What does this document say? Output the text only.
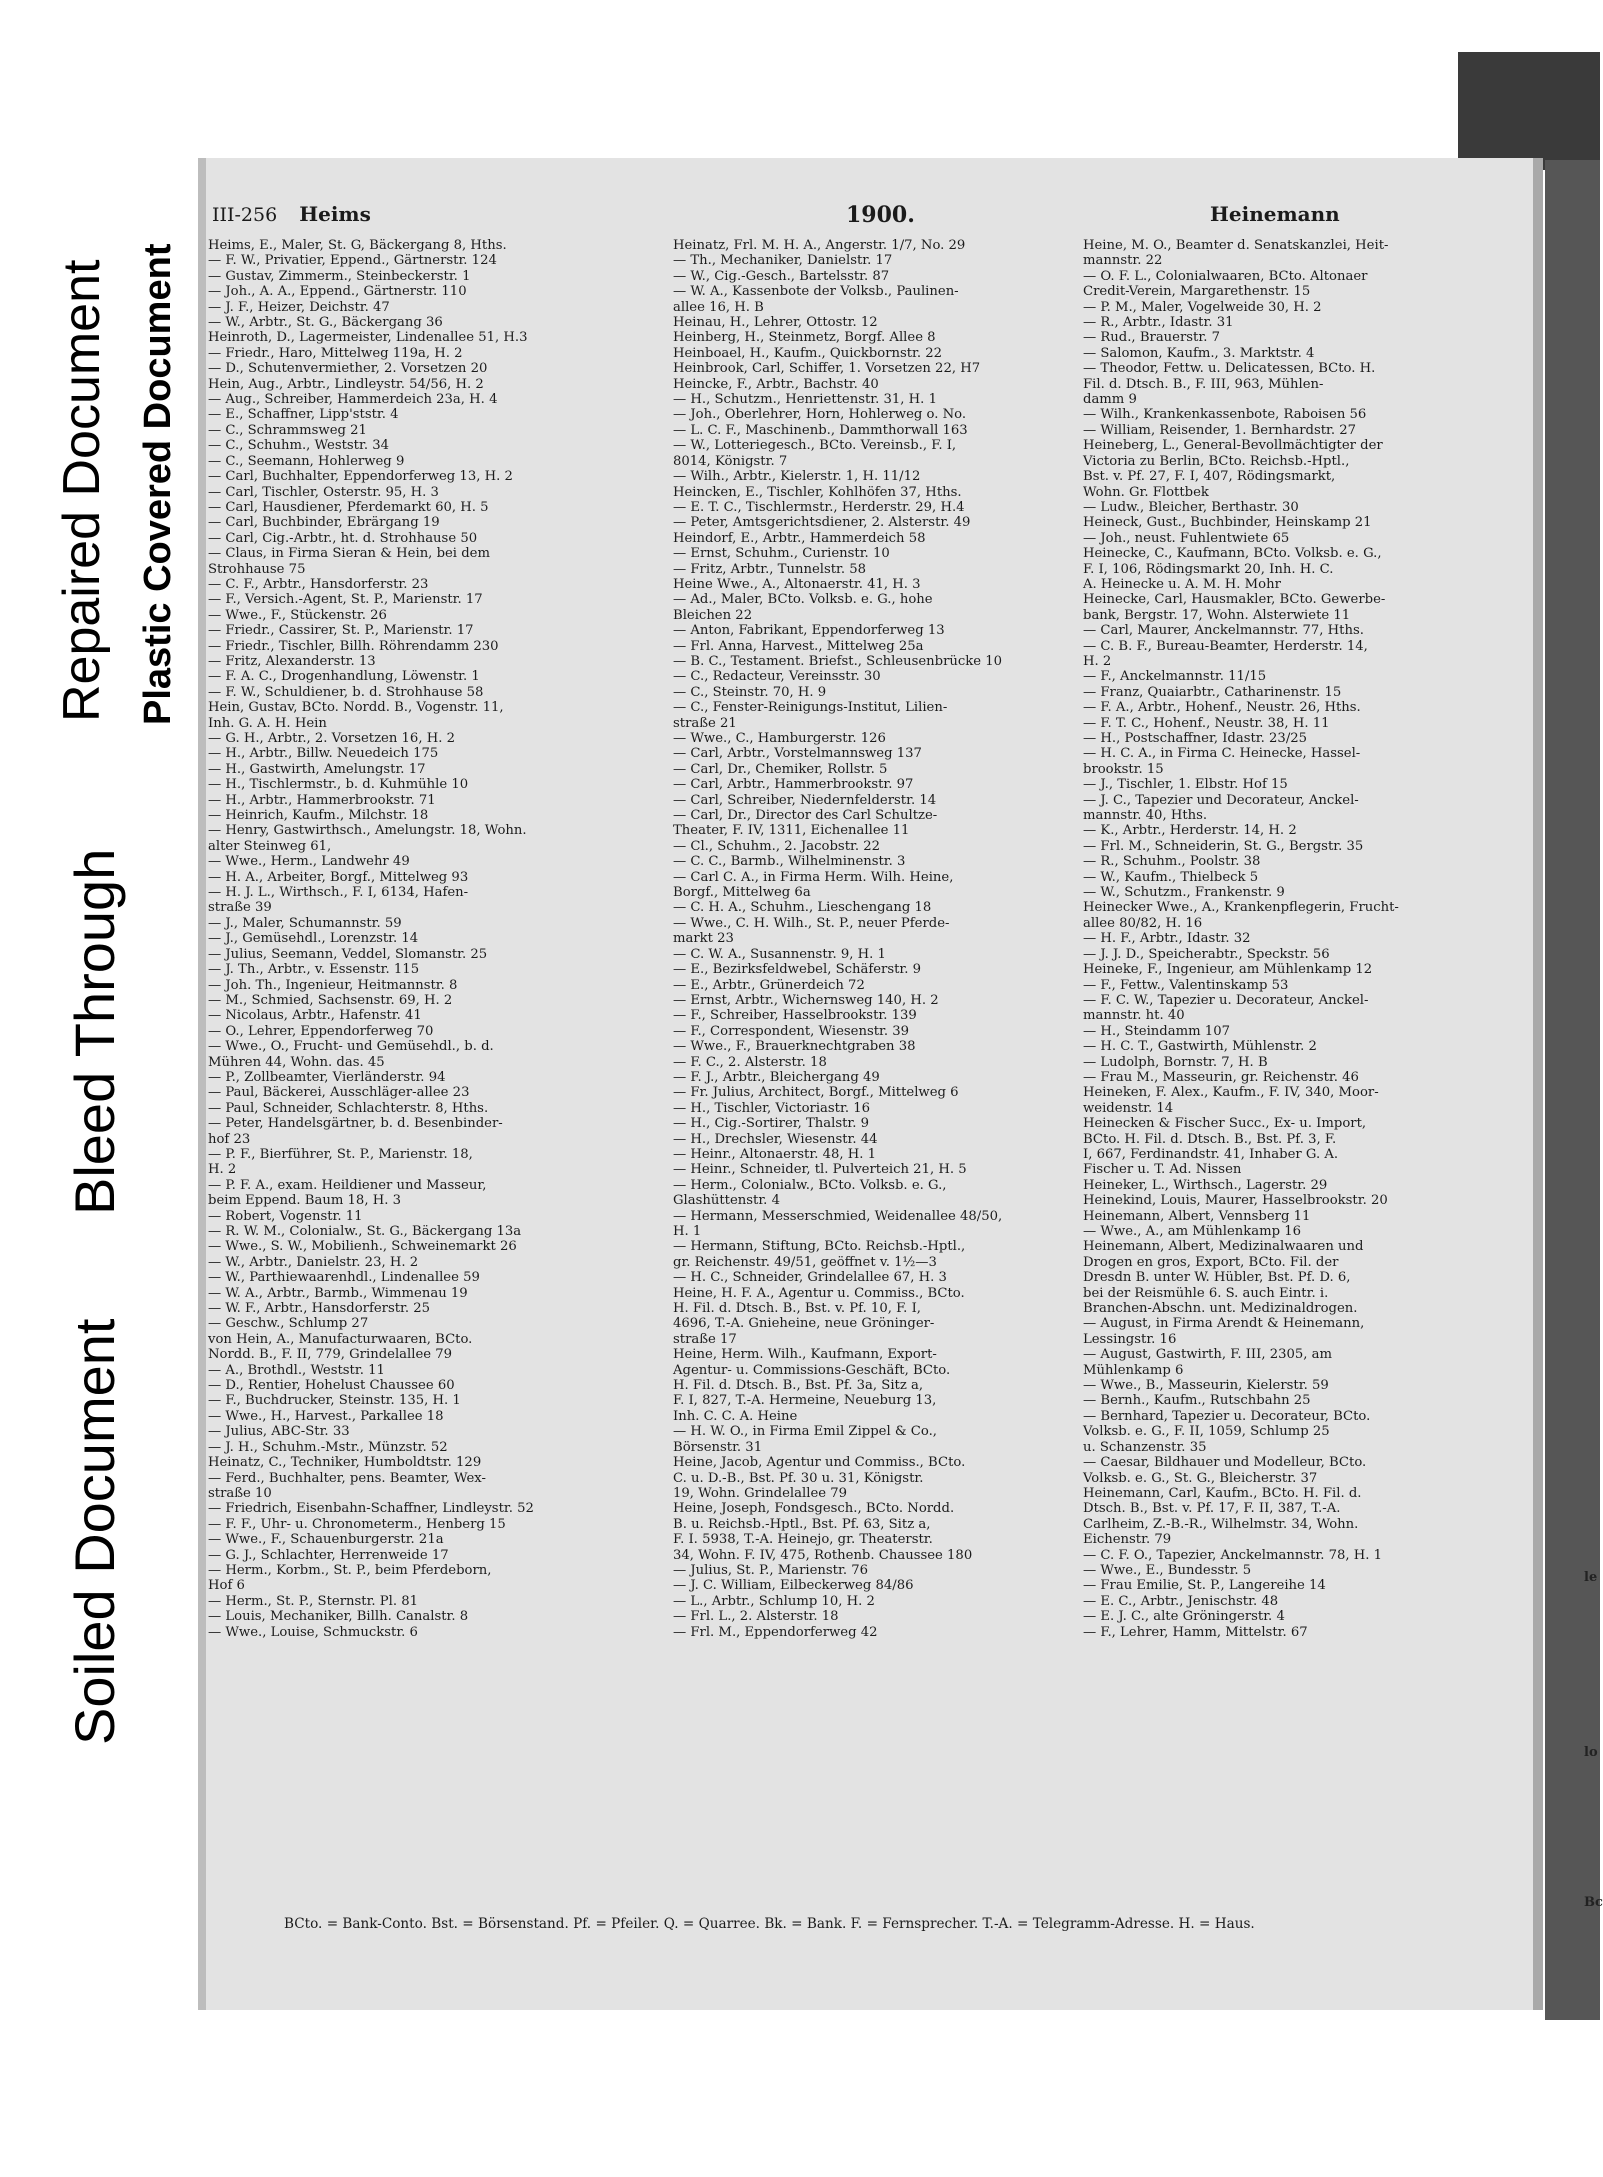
le
lo
Bc
Soiled Document
Bleed Through
Repaired Document Plastic Covered Document
III-256 Heims	1900.	Heinemann
Heims, E., Maler, St. G, Bäckergang 8, Hths.
— F. W., Privatier, Eppend., Gärtnerstr. 124
— Gustav, Zimmerm., Steinbeckerstr. 1
— Joh., A. A., Eppend., Gärtnerstr. 110
— J. F., Heizer, Deichstr. 47
— W., Arbtr., St. G., Bäckergang 36
Heinroth, D., Lagermeister, Lindenallee 51, H.3
— Friedr., Haro, Mittelweg 119a, H. 2
— D., Schutenvermiether, 2. Vorsetzen 20
Hein, Aug., Arbtr., Lindleystr. 54/56, H. 2
— Aug., Schreiber, Hammerdeich 23a, H. 4
— E., Schaffner, Lipp'ststr. 4
— C., Schrammsweg 21
— C., Schuhm., Weststr. 34
— C., Seemann, Hohlerweg 9
— Carl, Buchhalter, Eppendorferweg 13, H. 2
— Carl, Tischler, Osterstr. 95, H. 3
— Carl, Hausdiener, Pferdemarkt 60, H. 5
— Carl, Buchbinder, Ebrärgang 19
— Carl, Cig.-Arbtr., ht. d. Strohhause 50
— Claus, in Firma Sieran & Hein, bei dem
Strohhause 75
— C. F., Arbtr., Hansdorferstr. 23
— F., Versich.-Agent, St. P., Marienstr. 17
— Wwe., F., Stückenstr. 26
— Friedr., Cassirer, St. P., Marienstr. 17
— Friedr., Tischler, Billh. Röhrendamm 230
— Fritz, Alexanderstr. 13
— F. A. C., Drogenhandlung, Löwenstr. 1
— F. W., Schuldiener, b. d. Strohhause 58
Hein, Gustav, BCto. Nordd. B., Vogenstr. 11,
Inh. G. A. H. Hein
— G. H., Arbtr., 2. Vorsetzen 16, H. 2
— H., Arbtr., Billw. Neuedeich 175
— H., Gastwirth, Amelungstr. 17
— H., Tischlermstr., b. d. Kuhmühle 10
— H., Arbtr., Hammerbrookstr. 71
— Heinrich, Kaufm., Milchstr. 18
— Henry, Gastwirthsch., Amelungstr. 18, Wohn.
alter Steinweg 61,
— Wwe., Herm., Landwehr 49
— H. A., Arbeiter, Borgf., Mittelweg 93
— H. J. L., Wirthsch., F. I, 6134, Hafen-
straße 39
— J., Maler, Schumannstr. 59
— J., Gemüsehdl., Lorenzstr. 14
— Julius, Seemann, Veddel, Slomanstr. 25
— J. Th., Arbtr., v. Essenstr. 115
— Joh. Th., Ingenieur, Heitmannstr. 8
— M., Schmied, Sachsenstr. 69, H. 2
— Nicolaus, Arbtr., Hafenstr. 41
— O., Lehrer, Eppendorferweg 70
— Wwe., O., Frucht- und Gemüsehdl., b. d.
Mühren 44, Wohn. das. 45
— P., Zollbeamter, Vierländerstr. 94
— Paul, Bäckerei, Ausschläger-allee 23
— Paul, Schneider, Schlachterstr. 8, Hths.
— Peter, Handelsgärtner, b. d. Besenbinder-
hof 23
— P. F., Bierführer, St. P., Marienstr. 18,
H. 2
— P. F. A., exam. Heildiener und Masseur,
beim Eppend. Baum 18, H. 3
— Robert, Vogenstr. 11
— R. W. M., Colonialw., St. G., Bäckergang 13a
— Wwe., S. W., Mobilienh., Schweinemarkt 26
— W., Arbtr., Danielstr. 23, H. 2
— W., Parthiewaarenhdl., Lindenallee 59
— W. A., Arbtr., Barmb., Wimmenau 19
— W. F., Arbtr., Hansdorferstr. 25
— Geschw., Schlump 27
von Hein, A., Manufacturwaaren, BCto.
Nordd. B., F. II, 779, Grindelallee 79
— A., Brothdl., Weststr. 11
— D., Rentier, Hohelust Chaussee 60
— F., Buchdrucker, Steinstr. 135, H. 1
— Wwe., H., Harvest., Parkallee 18
— Julius, ABC-Str. 33
— J. H., Schuhm.-Mstr., Münzstr. 52
Heinatz, C., Techniker, Humboldtstr. 129
— Ferd., Buchhalter, pens. Beamter, Wex-
straße 10
— Friedrich, Eisenbahn-Schaffner, Lindleystr. 52
— F. F., Uhr- u. Chronometerm., Henberg 15
— Wwe., F., Schauenburgerstr. 21a
— G. J., Schlachter, Herrenweide 17
— Herm., Korbm., St. P., beim Pferdeborn,
Hof 6
— Herm., St. P., Sternstr. Pl. 81
— Louis, Mechaniker, Billh. Canalstr. 8
— Wwe., Louise, Schmuckstr. 6
Heinatz, Frl. M. H. A., Angerstr. 1/7, No. 29
— Th., Mechaniker, Danielstr. 17
— W., Cig.-Gesch., Bartelsstr. 87
— W. A., Kassenbote der Volksb., Paulinen-
allee 16, H. B
Heinau, H., Lehrer, Ottostr. 12
Heinberg, H., Steinmetz, Borgf. Allee 8
Heinboael, H., Kaufm., Quickbornstr. 22
Heinbrook, Carl, Schiffer, 1. Vorsetzen 22, H7
Heincke, F., Arbtr., Bachstr. 40
— H., Schutzm., Henriettenstr. 31, H. 1
— Joh., Oberlehrer, Horn, Hohlerweg o. No.
— L. C. F., Maschinenb., Dammthorwall 163
— W., Lotteriegesch., BCto. Vereinsb., F. I,
8014, Königstr. 7
— Wilh., Arbtr., Kielerstr. 1, H. 11/12
Heincken, E., Tischler, Kohlhöfen 37, Hths.
— E. T. C., Tischlermstr., Herderstr. 29, H.4
— Peter, Amtsgerichtsdiener, 2. Alsterstr. 49
Heindorf, E., Arbtr., Hammerdeich 58
— Ernst, Schuhm., Curienstr. 10
— Fritz, Arbtr., Tunnelstr. 58
Heine Wwe., A., Altonaerstr. 41, H. 3
— Ad., Maler, BCto. Volksb. e. G., hohe
Bleichen 22
— Anton, Fabrikant, Eppendorferweg 13
— Frl. Anna, Harvest., Mittelweg 25a
— B. C., Testament. Briefst., Schleusenbrücke 10
— C., Redacteur, Vereinsstr. 30
— C., Steinstr. 70, H. 9
— C., Fenster-Reinigungs-Institut, Lilien-
straße 21
— Wwe., C., Hamburgerstr. 126
— Carl, Arbtr., Vorstelmannsweg 137
— Carl, Dr., Chemiker, Rollstr. 5
— Carl, Arbtr., Hammerbrookstr. 97
— Carl, Schreiber, Niedernfelderstr. 14
— Carl, Dr., Director des Carl Schultze-
Theater, F. IV, 1311, Eichenallee 11
— Cl., Schuhm., 2. Jacobstr. 22
— C. C., Barmb., Wilhelminenstr. 3
— Carl C. A., in Firma Herm. Wilh. Heine,
Borgf., Mittelweg 6a
— C. H. A., Schuhm., Lieschengang 18
— Wwe., C. H. Wilh., St. P., neuer Pferde-
markt 23
— C. W. A., Susannenstr. 9, H. 1
— E., Bezirksfeldwebel, Schäferstr. 9
— E., Arbtr., Grünerdeich 72
— Ernst, Arbtr., Wichernsweg 140, H. 2
— F., Schreiber, Hasselbrookstr. 139
— F., Correspondent, Wiesenstr. 39
— Wwe., F., Brauerknechtgraben 38
— F. C., 2. Alsterstr. 18
— F. J., Arbtr., Bleichergang 49
— Fr. Julius, Architect, Borgf., Mittelweg 6
— H., Tischler, Victoriastr. 16
— H., Cig.-Sortirer, Thalstr. 9
— H., Drechsler, Wiesenstr. 44
— Heinr., Altonaerstr. 48, H. 1
— Heinr., Schneider, tl. Pulverteich 21, H. 5
— Herm., Colonialw., BCto. Volksb. e. G.,
Glashüttenstr. 4
— Hermann, Messerschmied, Weidenallee 48/50,
H. 1
— Hermann, Stiftung, BCto. Reichsb.-Hptl.,
gr. Reichenstr. 49/51, geöffnet v. 1½—3
— H. C., Schneider, Grindelallee 67, H. 3
Heine, H. F. A., Agentur u. Commiss., BCto.
H. Fil. d. Dtsch. B., Bst. v. Pf. 10, F. I,
4696, T.-A. Gnieheine, neue Gröninger-
straße 17
Heine, Herm. Wilh., Kaufmann, Export-
Agentur- u. Commissions-Geschäft, BCto.
H. Fil. d. Dtsch. B., Bst. Pf. 3a, Sitz a,
F. I, 827, T.-A. Hermeine, Neueburg 13,
Inh. C. C. A. Heine
— H. W. O., in Firma Emil Zippel & Co.,
Börsenstr. 31
Heine, Jacob, Agentur und Commiss., BCto.
C. u. D.-B., Bst. Pf. 30 u. 31, Königstr.
19, Wohn. Grindelallee 79
Heine, Joseph, Fondsgesch., BCto. Nordd.
B. u. Reichsb.-Hptl., Bst. Pf. 63, Sitz a,
F. I. 5938, T.-A. Heinejo, gr. Theaterstr.
34, Wohn. F. IV, 475, Rothenb. Chaussee 180
— Julius, St. P., Marienstr. 76
— J. C. William, Eilbeckerweg 84/86
— L., Arbtr., Schlump 10, H. 2
— Frl. L., 2. Alsterstr. 18
— Frl. M., Eppendorferweg 42
Heine, M. O., Beamter d. Senatskanzlei, Heit-
mannstr. 22
— O. F. L., Colonialwaaren, BCto. Altonaer
Credit-Verein, Margarethenstr. 15
— P. M., Maler, Vogelweide 30, H. 2
— R., Arbtr., Idastr. 31
— Rud., Brauerstr. 7
— Salomon, Kaufm., 3. Marktstr. 4
— Theodor, Fettw. u. Delicatessen, BCto. H.
Fil. d. Dtsch. B., F. III, 963, Mühlen-
damm 9
— Wilh., Krankenkassenbote, Raboisen 56
— William, Reisender, 1. Bernhardstr. 27
Heineberg, L., General-Bevollmächtigter der
Victoria zu Berlin, BCto. Reichsb.-Hptl.,
Bst. v. Pf. 27, F. I, 407, Rödingsmarkt,
Wohn. Gr. Flottbek
— Ludw., Bleicher, Berthastr. 30
Heineck, Gust., Buchbinder, Heinskamp 21
— Joh., neust. Fuhlentwiete 65
Heinecke, C., Kaufmann, BCto. Volksb. e. G.,
F. I, 106, Rödingsmarkt 20, Inh. H. C.
A. Heinecke u. A. M. H. Mohr
Heinecke, Carl, Hausmakler, BCto. Gewerbe-
bank, Bergstr. 17, Wohn. Alsterwiete 11
— Carl, Maurer, Anckelmannstr. 77, Hths.
— C. B. F., Bureau-Beamter, Herderstr. 14,
H. 2
— F., Anckelmannstr. 11/15
— Franz, Quaiarbtr., Catharinenstr. 15
— F. A., Arbtr., Hohenf., Neustr. 26, Hths.
— F. T. C., Hohenf., Neustr. 38, H. 11
— H., Postschaffner, Idastr. 23/25
— H. C. A., in Firma C. Heinecke, Hassel-
brookstr. 15
— J., Tischler, 1. Elbstr. Hof 15
— J. C., Tapezier und Decorateur, Anckel-
mannstr. 40, Hths.
— K., Arbtr., Herderstr. 14, H. 2
— Frl. M., Schneiderin, St. G., Bergstr. 35
— R., Schuhm., Poolstr. 38
— W., Kaufm., Thielbeck 5
— W., Schutzm., Frankenstr. 9
Heinecker Wwe., A., Krankenpflegerin, Frucht-
allee 80/82, H. 16
— H. F., Arbtr., Idastr. 32
— J. J. D., Speicherabtr., Speckstr. 56
Heineke, F., Ingenieur, am Mühlenkamp 12
— F., Fettw., Valentinskamp 53
— F. C. W., Tapezier u. Decorateur, Anckel-
mannstr. ht. 40
— H., Steindamm 107
— H. C. T., Gastwirth, Mühlenstr. 2
— Ludolph, Bornstr. 7, H. B
— Frau M., Masseurin, gr. Reichenstr. 46
Heineken, F. Alex., Kaufm., F. IV, 340, Moor-
weidenstr. 14
Heinecken & Fischer Succ., Ex- u. Import,
BCto. H. Fil. d. Dtsch. B., Bst. Pf. 3, F.
I, 667, Ferdinandstr. 41, Inhaber G. A.
Fischer u. T. Ad. Nissen
Heineker, L., Wirthsch., Lagerstr. 29
Heinekind, Louis, Maurer, Hasselbrookstr. 20
Heinemann, Albert, Vennsberg 11
— Wwe., A., am Mühlenkamp 16
Heinemann, Albert, Medizinalwaaren und
Drogen en gros, Export, BCto. Fil. der
Dresdn B. unter W. Hübler, Bst. Pf. D. 6,
bei der Reismühle 6. S. auch Eintr. i.
Branchen-Abschn. unt. Medizinaldrogen.
— August, in Firma Arendt & Heinemann,
Lessingstr. 16
— August, Gastwirth, F. III, 2305, am
Mühlenkamp 6
— Wwe., B., Masseurin, Kielerstr. 59
— Bernh., Kaufm., Rutschbahn 25
— Bernhard, Tapezier u. Decorateur, BCto.
Volksb. e. G., F. II, 1059, Schlump 25
u. Schanzenstr. 35
— Caesar, Bildhauer und Modelleur, BCto.
Volksb. e. G., St. G., Bleicherstr. 37
Heinemann, Carl, Kaufm., BCto. H. Fil. d.
Dtsch. B., Bst. v. Pf. 17, F. II, 387, T.-A.
Carlheim, Z.-B.-R., Wilhelmstr. 34, Wohn.
Eichenstr. 79
— C. F. O., Tapezier, Anckelmannstr. 78, H. 1
— Wwe., E., Bundesstr. 5
— Frau Emilie, St. P., Langereihe 14
— E. C., Arbtr., Jenischstr. 48
— E. J. C., alte Gröningerstr. 4
— F., Lehrer, Hamm, Mittelstr. 67
BCto. = Bank-Conto. Bst. = Börsenstand. Pf. = Pfeiler. Q. = Quarree. Bk. = Bank. F. = Fernsprecher. T.-A. = Telegramm-Adresse. H. = Haus.
